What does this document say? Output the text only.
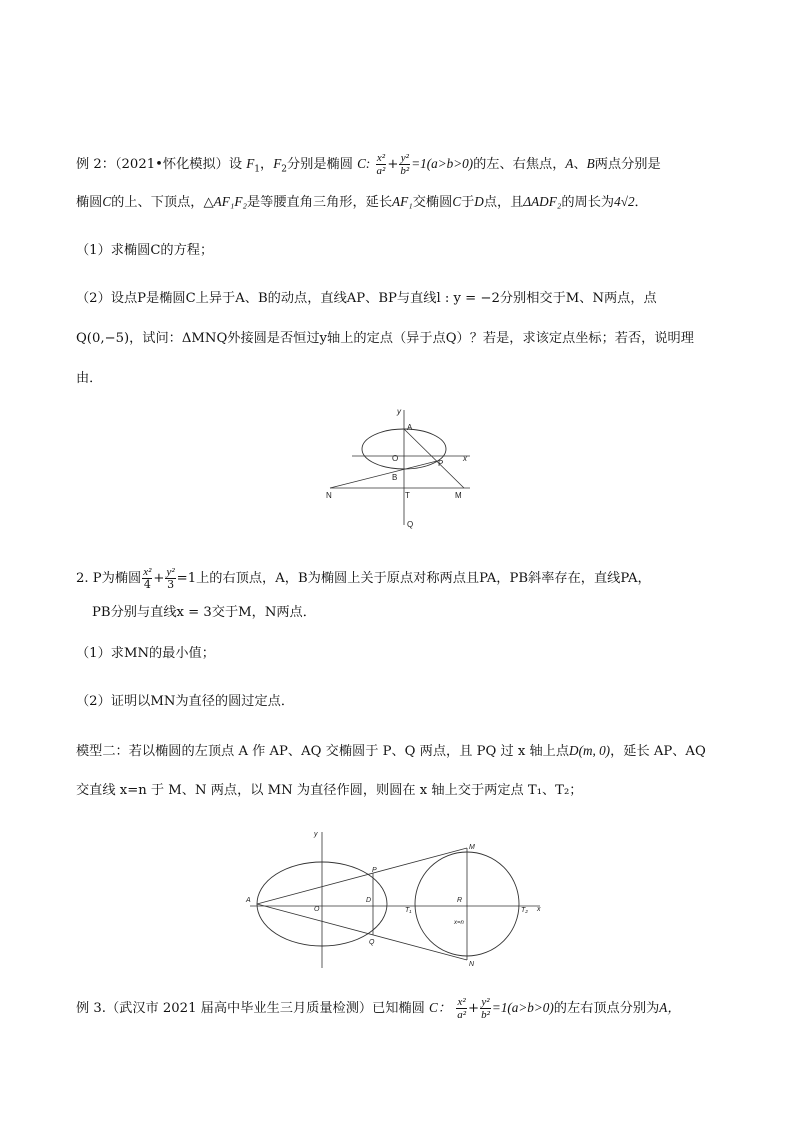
例 2：（2021•怀化模拟）设 $F_1$，$F_2$分别是椭圆 C: $\frac{\text{x²}}{\text{a²}} + \frac{\text{y²}}{\text{b²}} =1(a>b>0)$的左、右焦点，A、B两点分别是
椭圆C的上、下顶点，△AF₁F₂是等腰直角三角形，延长AF₁交椭圆C于D点，且ΔADF₂的周长为4√2．
（1）求椭圆C的方程；
（2）设点P是椭圆C上异于A、B的动点，直线AP、BP与直线l : y = −2分别相交于M、N两点，点
Q(0,−5)，试问：ΔMNQ外接圆是否恒过y轴上的定点（异于点Q）？若是，求该定点坐标；若否，说明理
由．
y
x
A
O
P
B
N	T	M
Q
2. P为椭圆 $\frac{\text{x²}}{4} + \frac{\text{y²}}{3} =1$上的右顶点，A，B为椭圆上关于原点对称两点且PA，PB斜率存在，直线PA，
PB分别与直线x = 3交于M，N两点．
（1）求MN的最小值；
（2）证明以MN为直径的圆过定点．
模型二：若以椭圆的左顶点 A 作 AP、AQ 交椭圆于 P、Q 两点，且 PQ 过 x 轴上点D(m, 0)，延长 AP、AQ
交直线 x=n 于 M、N 两点，以 MN 为直径作圆，则圆在 x 轴上交于两定点 T₁、T₂；
y
A
O
D
P
Q
T₁
R
x=n
T₂
M
N
x
例 3.（武汉市 2021 届高中毕业生三月质量检测）已知椭圆 C： $\frac{\text{x²}}{\text{a²}} + \frac{\text{y²}}{\text{b²}} =1(a>b>0)$的左右顶点分别为A，
